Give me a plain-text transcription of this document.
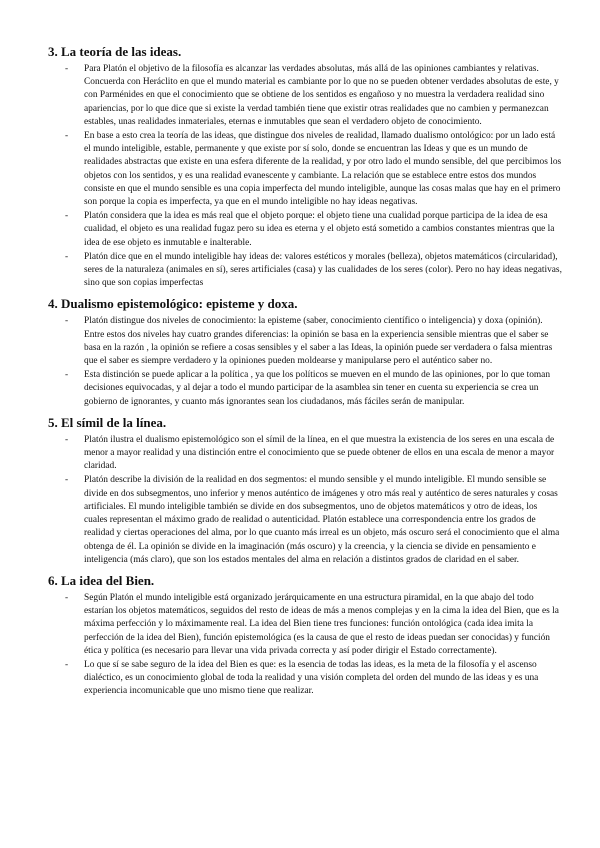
3. La teoría de las ideas.
- Para Platón el objetivo de la filosofía es alcanzar las verdades absolutas, más allá de las opiniones cambiantes y relativas. Concuerda con Heráclito en que el mundo material es cambiante por lo que no se pueden obtener verdades absolutas de este, y con Parménides en que el conocimiento que se obtiene de los sentidos es engañoso y no muestra la verdadera realidad sino apariencias, por lo que dice que si existe la verdad también tiene que existir otras realidades que no cambien y permanezcan estables, unas realidades inmateriales, eternas e inmutables que sean el verdadero objeto de conocimiento.
- En base a esto crea la teoría de las ideas, que distingue dos niveles de realidad, llamado dualismo ontológico: por un lado está el mundo inteligible, estable, permanente y que existe por sí solo, donde se encuentran las Ideas y que es un mundo de realidades abstractas que existe en una esfera diferente de la realidad, y por otro lado el mundo sensible, del que percibimos los objetos con los sentidos, y es una realidad evanescente y cambiante. La relación que se establece entre estos dos mundos consiste en que el mundo sensible es una copia imperfecta del mundo inteligible, aunque las cosas malas que hay en el primero son porque la copia es imperfecta, ya que en el mundo inteligible no hay ideas negativas.
- Platón considera que la idea es más real que el objeto porque: el objeto tiene una cualidad porque participa de la idea de esa cualidad, el objeto es una realidad fugaz pero su idea es eterna y el objeto está sometido a cambios constantes mientras que la idea de ese objeto es inmutable e inalterable.
- Platón dice que en el mundo inteligible hay ideas de: valores estéticos y morales (belleza), objetos matemáticos (circularidad), seres de la naturaleza (animales en sí), seres artificiales (casa) y las cualidades de los seres (color). Pero no hay ideas negativas, sino que son copias imperfectas
4. Dualismo epistemológico: episteme y doxa.
- Platón distingue dos niveles de conocimiento: la episteme (saber, conocimiento científico o inteligencia) y doxa (opinión). Entre estos dos niveles hay cuatro grandes diferencias: la opinión se basa en la experiencia sensible mientras que el saber se basa en la razón , la opinión se refiere a cosas sensibles y el saber a las Ideas, la opinión puede ser verdadera o falsa mientras que el saber es siempre verdadero y la opiniones pueden moldearse y manipularse pero el auténtico saber no.
- Esta distinción se puede aplicar a la política , ya que los políticos se mueven en el mundo de las opiniones, por lo que toman decisiones equivocadas, y al dejar a todo el mundo participar de la asamblea sin tener en cuenta su experiencia se crea un gobierno de ignorantes, y cuanto más ignorantes sean los ciudadanos, más fáciles serán de manipular.
5. El símil de la línea.
- Platón ilustra el dualismo epistemológico son el símil de la línea, en el que muestra la existencia de los seres en una escala de menor a mayor realidad y una distinción entre el conocimiento que se puede obtener de ellos en una escala de menor a mayor claridad.
- Platón describe la división de la realidad en dos segmentos: el mundo sensible y el mundo inteligible. El mundo sensible se divide en dos subsegmentos, uno inferior y menos auténtico de imágenes y otro más real y auténtico de seres naturales y cosas artificiales. El mundo inteligible también se divide en dos subsegmentos, uno de objetos matemáticos y otro de ideas, los cuales representan el máximo grado de realidad o autenticidad. Platón establece una correspondencia entre los grados de realidad y ciertas operaciones del alma, por lo que cuanto más irreal es un objeto, más oscuro será el conocimiento que el alma obtenga de él. La opinión se divide en la imaginación (más oscuro) y la creencia, y la ciencia se divide en pensamiento e inteligencia (más claro), que son los estados mentales del alma en relación a distintos grados de claridad en el saber.
6. La idea del Bien.
- Según Platón el mundo inteligible está organizado jerárquicamente en una estructura piramidal, en la que abajo del todo estarían los objetos matemáticos, seguidos del resto de ideas de más a menos complejas y en la cima la idea del Bien, que es la máxima perfección y lo máximamente real. La idea del Bien tiene tres funciones: función ontológica (cada idea imita la perfección de la idea del Bien), función epistemológica (es la causa de que el resto de ideas puedan ser conocidas) y función ética y política (es necesario para llevar una vida privada correcta y así poder dirigir el Estado correctamente).
- Lo que sí se sabe seguro de la idea del Bien es que: es la esencia de todas las ideas, es la meta de la filosofía y el ascenso dialéctico, es un conocimiento global de toda la realidad y una visión completa del orden del mundo de las ideas y es una experiencia incomunicable que uno mismo tiene que realizar.
